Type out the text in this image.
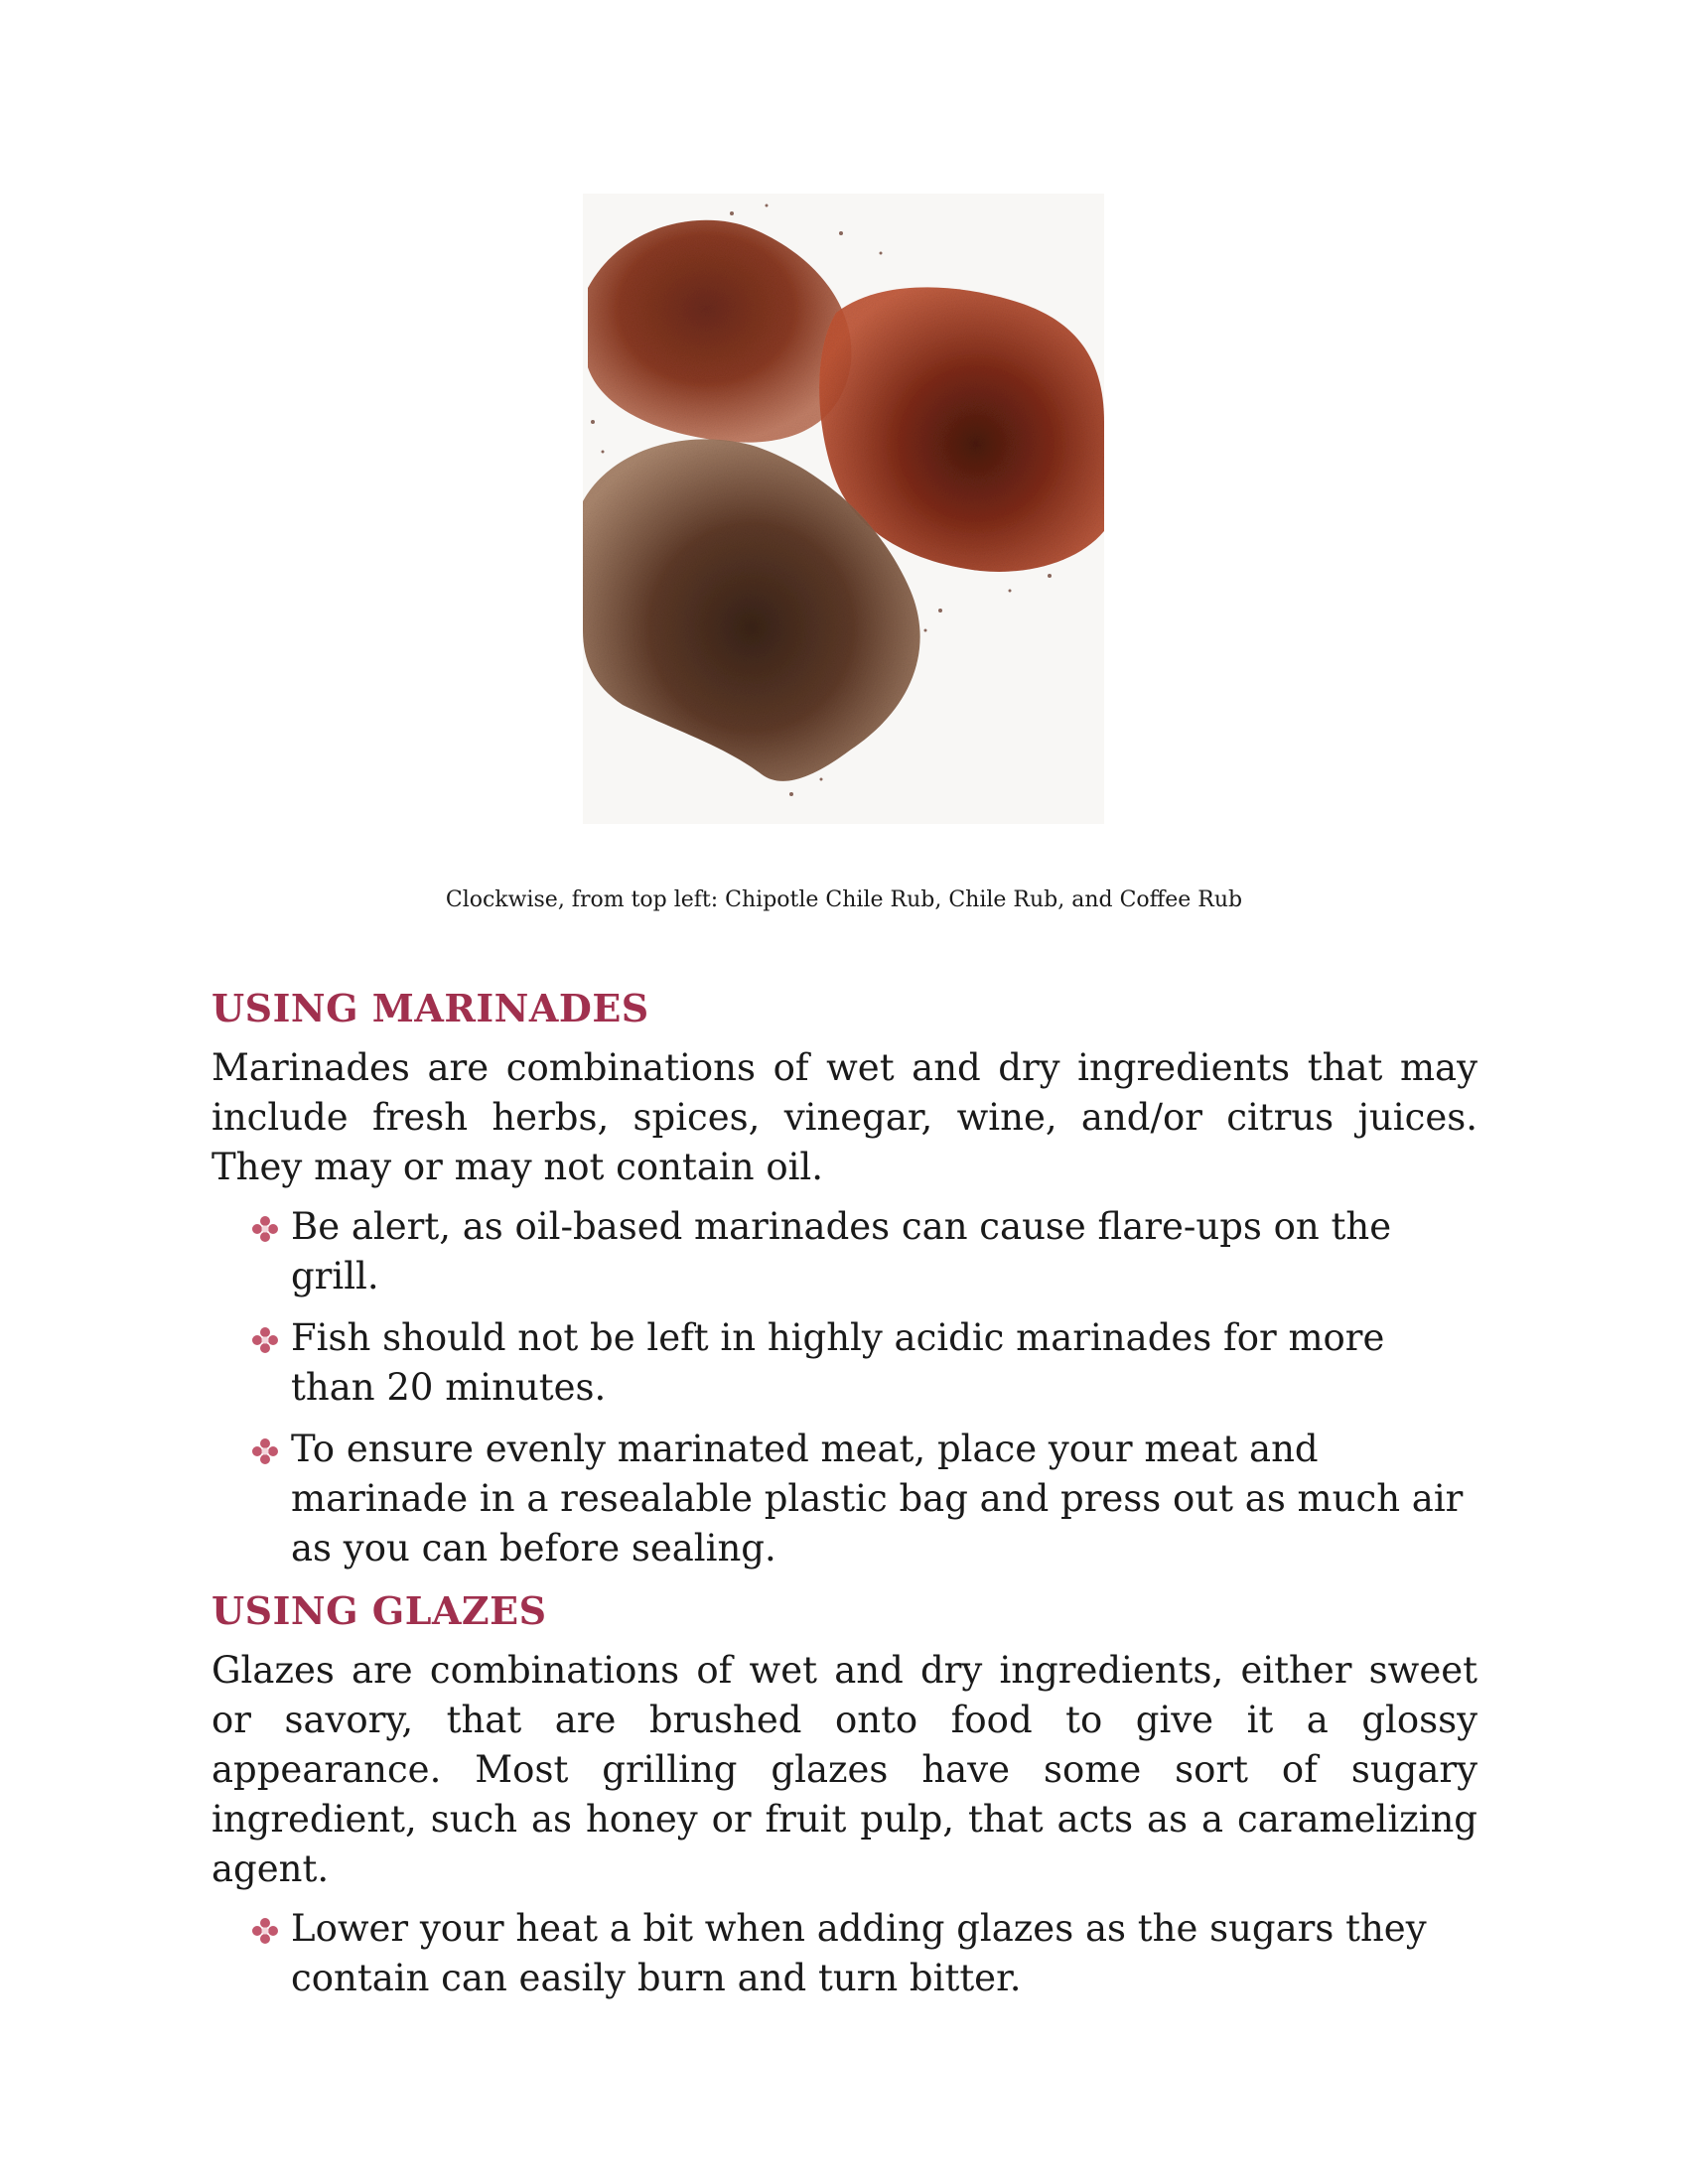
Clockwise, from top left: Chipotle Chile Rub, Chile Rub, and Coffee Rub
USING MARINADES

Marinades are combinations of wet and dry ingredients that may include fresh herbs, spices, vinegar, wine, and/or citrus juices. They may or may not contain oil.

Be alert, as oil-based marinades can cause flare-ups on the grill.
Fish should not be left in highly acidic marinades for more than 20 minutes.
To ensure evenly marinated meat, place your meat and marinade in a resealable plastic bag and press out as much air as you can before sealing.
USING GLAZES

Glazes are combinations of wet and dry ingredients, either sweet or savory, that are brushed onto food to give it a glossy appearance. Most grilling glazes have some sort of sugary ingredient, such as honey or fruit pulp, that acts as a caramelizing agent.

Lower your heat a bit when adding glazes as the sugars they contain can easily burn and turn bitter.
